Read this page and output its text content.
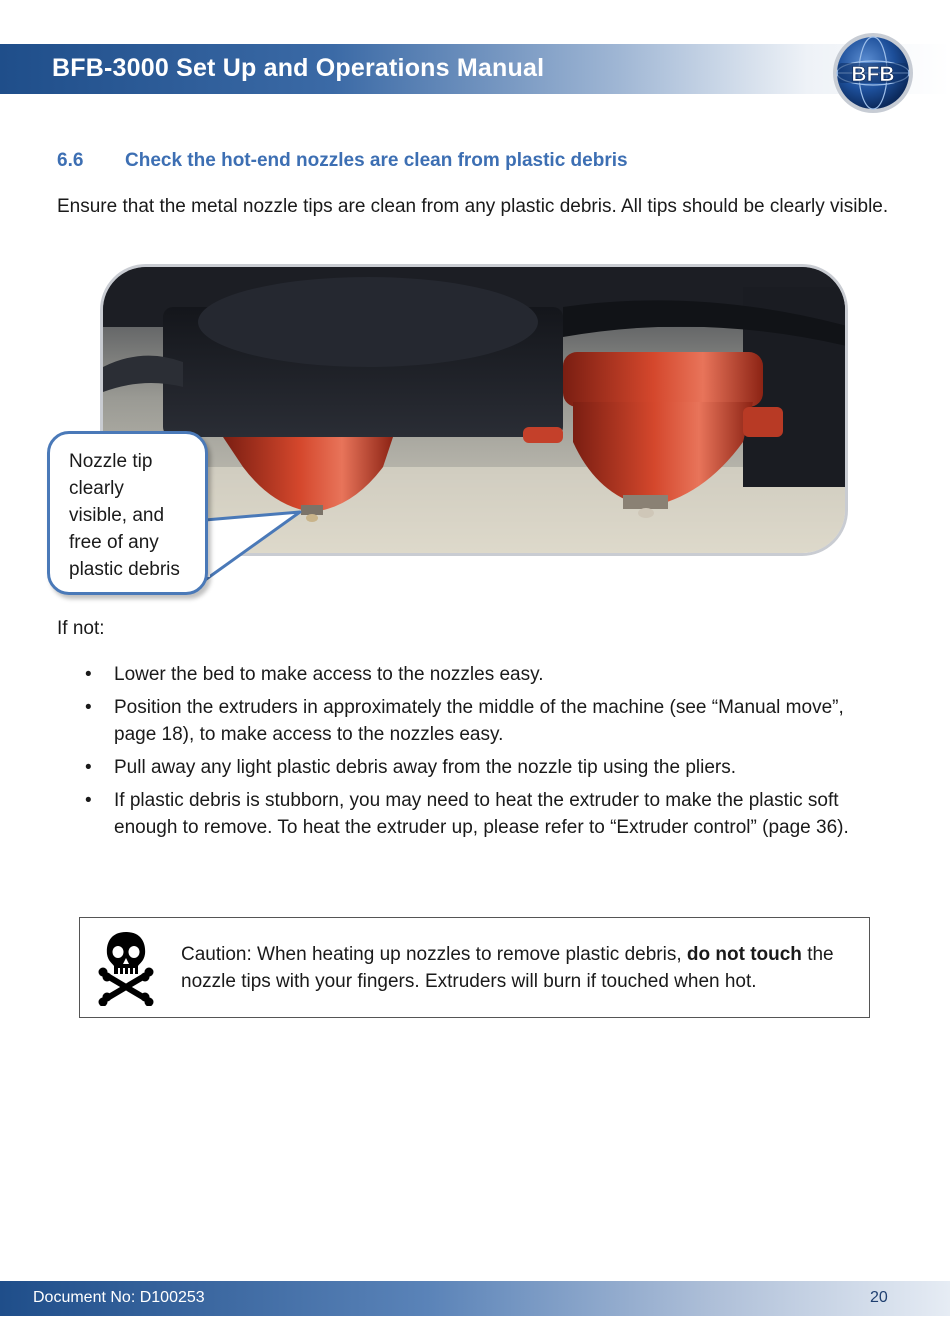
BFB-3000 Set Up and Operations Manual	BFB
6.6 Check the hot-end nozzles are clean from plastic debris

Ensure that the metal nozzle tips are clean from any plastic debris. All tips should be clearly visible.

Nozzle tip
clearly
visible, and
free of any
plastic debris
If not:
• Lower the bed to make access to the nozzles easy.
• Position the extruders in approximately the middle of the machine (see “Manual move”, page 18), to make access to the nozzles easy.
• Pull away any light plastic debris away from the nozzle tip using the pliers.
• If plastic debris is stubborn, you may need to heat the extruder to make the plastic soft enough to remove. To heat the extruder up, please refer to “Extruder control” (page 36).

Caution: When heating up nozzles to remove plastic debris, do not touch the nozzle tips with your fingers. Extruders will burn if touched when hot.

Document No: D100253	20
